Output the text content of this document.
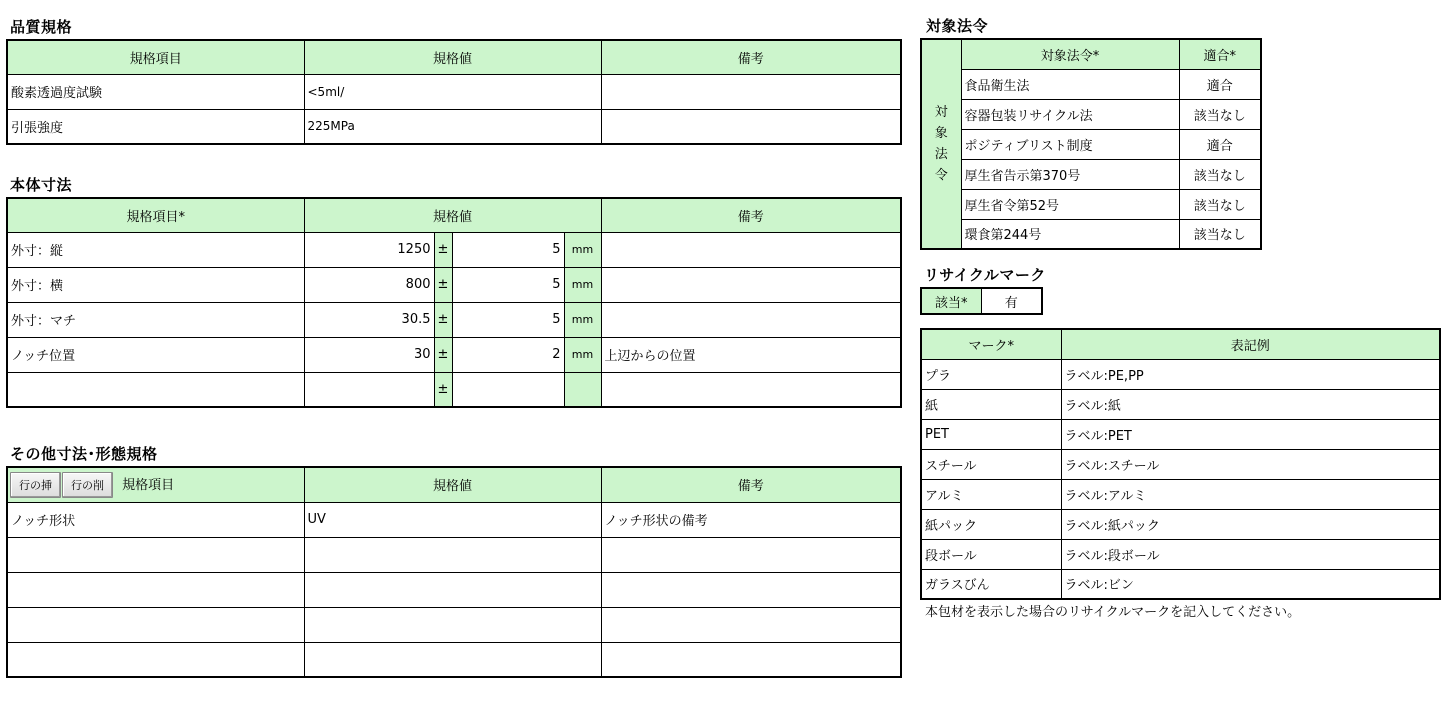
品質規格
規格項目	規格値	備考
酸素透過度試験	<5ml/	
引張強度	225MPa	
本体寸法
規格項目*	規格値				備考
外寸：縦	1250	±	5	mm	
外寸：横	800	±	5	mm	
外寸：マチ	30.5	±	5	mm	
ノッチ位置	30	±	2	mm	上辺からの位置
		±			
その他寸法･形態規格
行の挿 行の削 規格項目	規格値	備考
ノッチ形状	UV	ノッチ形状の備考

対象法令
対象法令	対象法令*	適合*
	食品衛生法	適合
	容器包装リサイクル法	該当なし
	ポジティブリスト制度	適合
	厚生省告示第370号	該当なし
	厚生省令第52号	該当なし
	環食第244号	該当なし
リサイクルマーク
該当*	有
マーク*	表記例
プラ	ラベル:PE,PP
紙	ラベル:紙
PET	ラベル:PET
スチール	ラベル:スチール
アルミ	ラベル:アルミ
紙パック	ラベル:紙パック
段ボール	ラベル:段ボール
ガラスびん	ラベル:ビン
本包材を表示した場合のリサイクルマークを記入してください。
